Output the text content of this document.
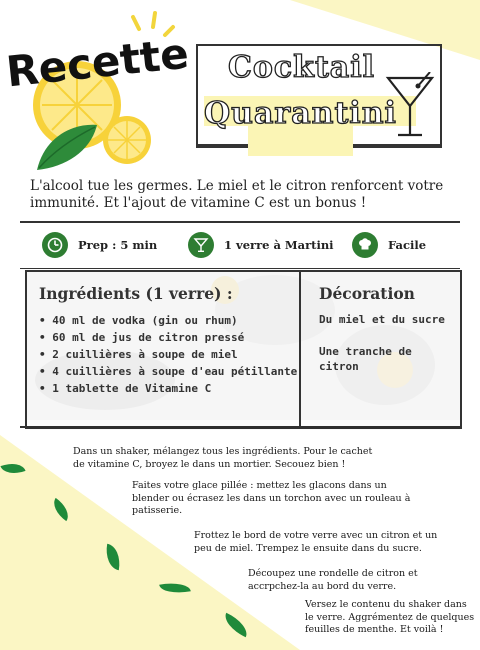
Recette Cocktail
Quarantini
L'alcool tue les germes. Le miel et le citron renforcent votre immunité. Et l'ajout de vitamine C est un bonus !
Prep : 5 min	1 verre à Martini	Facile
Ingrédients (1 verre) :
• 40 ml de vodka (gin ou rhum)
• 60 ml de jus de citron pressé
• 2 cuillières à soupe de miel
• 4 cuillières à soupe d'eau pétillante
• 1 tablette de Vitamine C
Décoration
Du miel et du sucre
Une tranche de citron
Dans un shaker, mélangez tous les ingrédients. Pour le cachet de vitamine C, broyez le dans un mortier. Secouez bien !
Faites votre glace pillée : mettez les glacons dans un blender ou écrasez les dans un torchon avec un rouleau à patisserie.
Frottez le bord de votre verre avec un citron et un peu de miel. Trempez le ensuite dans du sucre.
Découpez une rondelle de citron et accrpchez-la au bord du verre.
Versez le contenu du shaker dans le verre. Aggrémentez de quelques feuilles de menthe. Et voilà !
